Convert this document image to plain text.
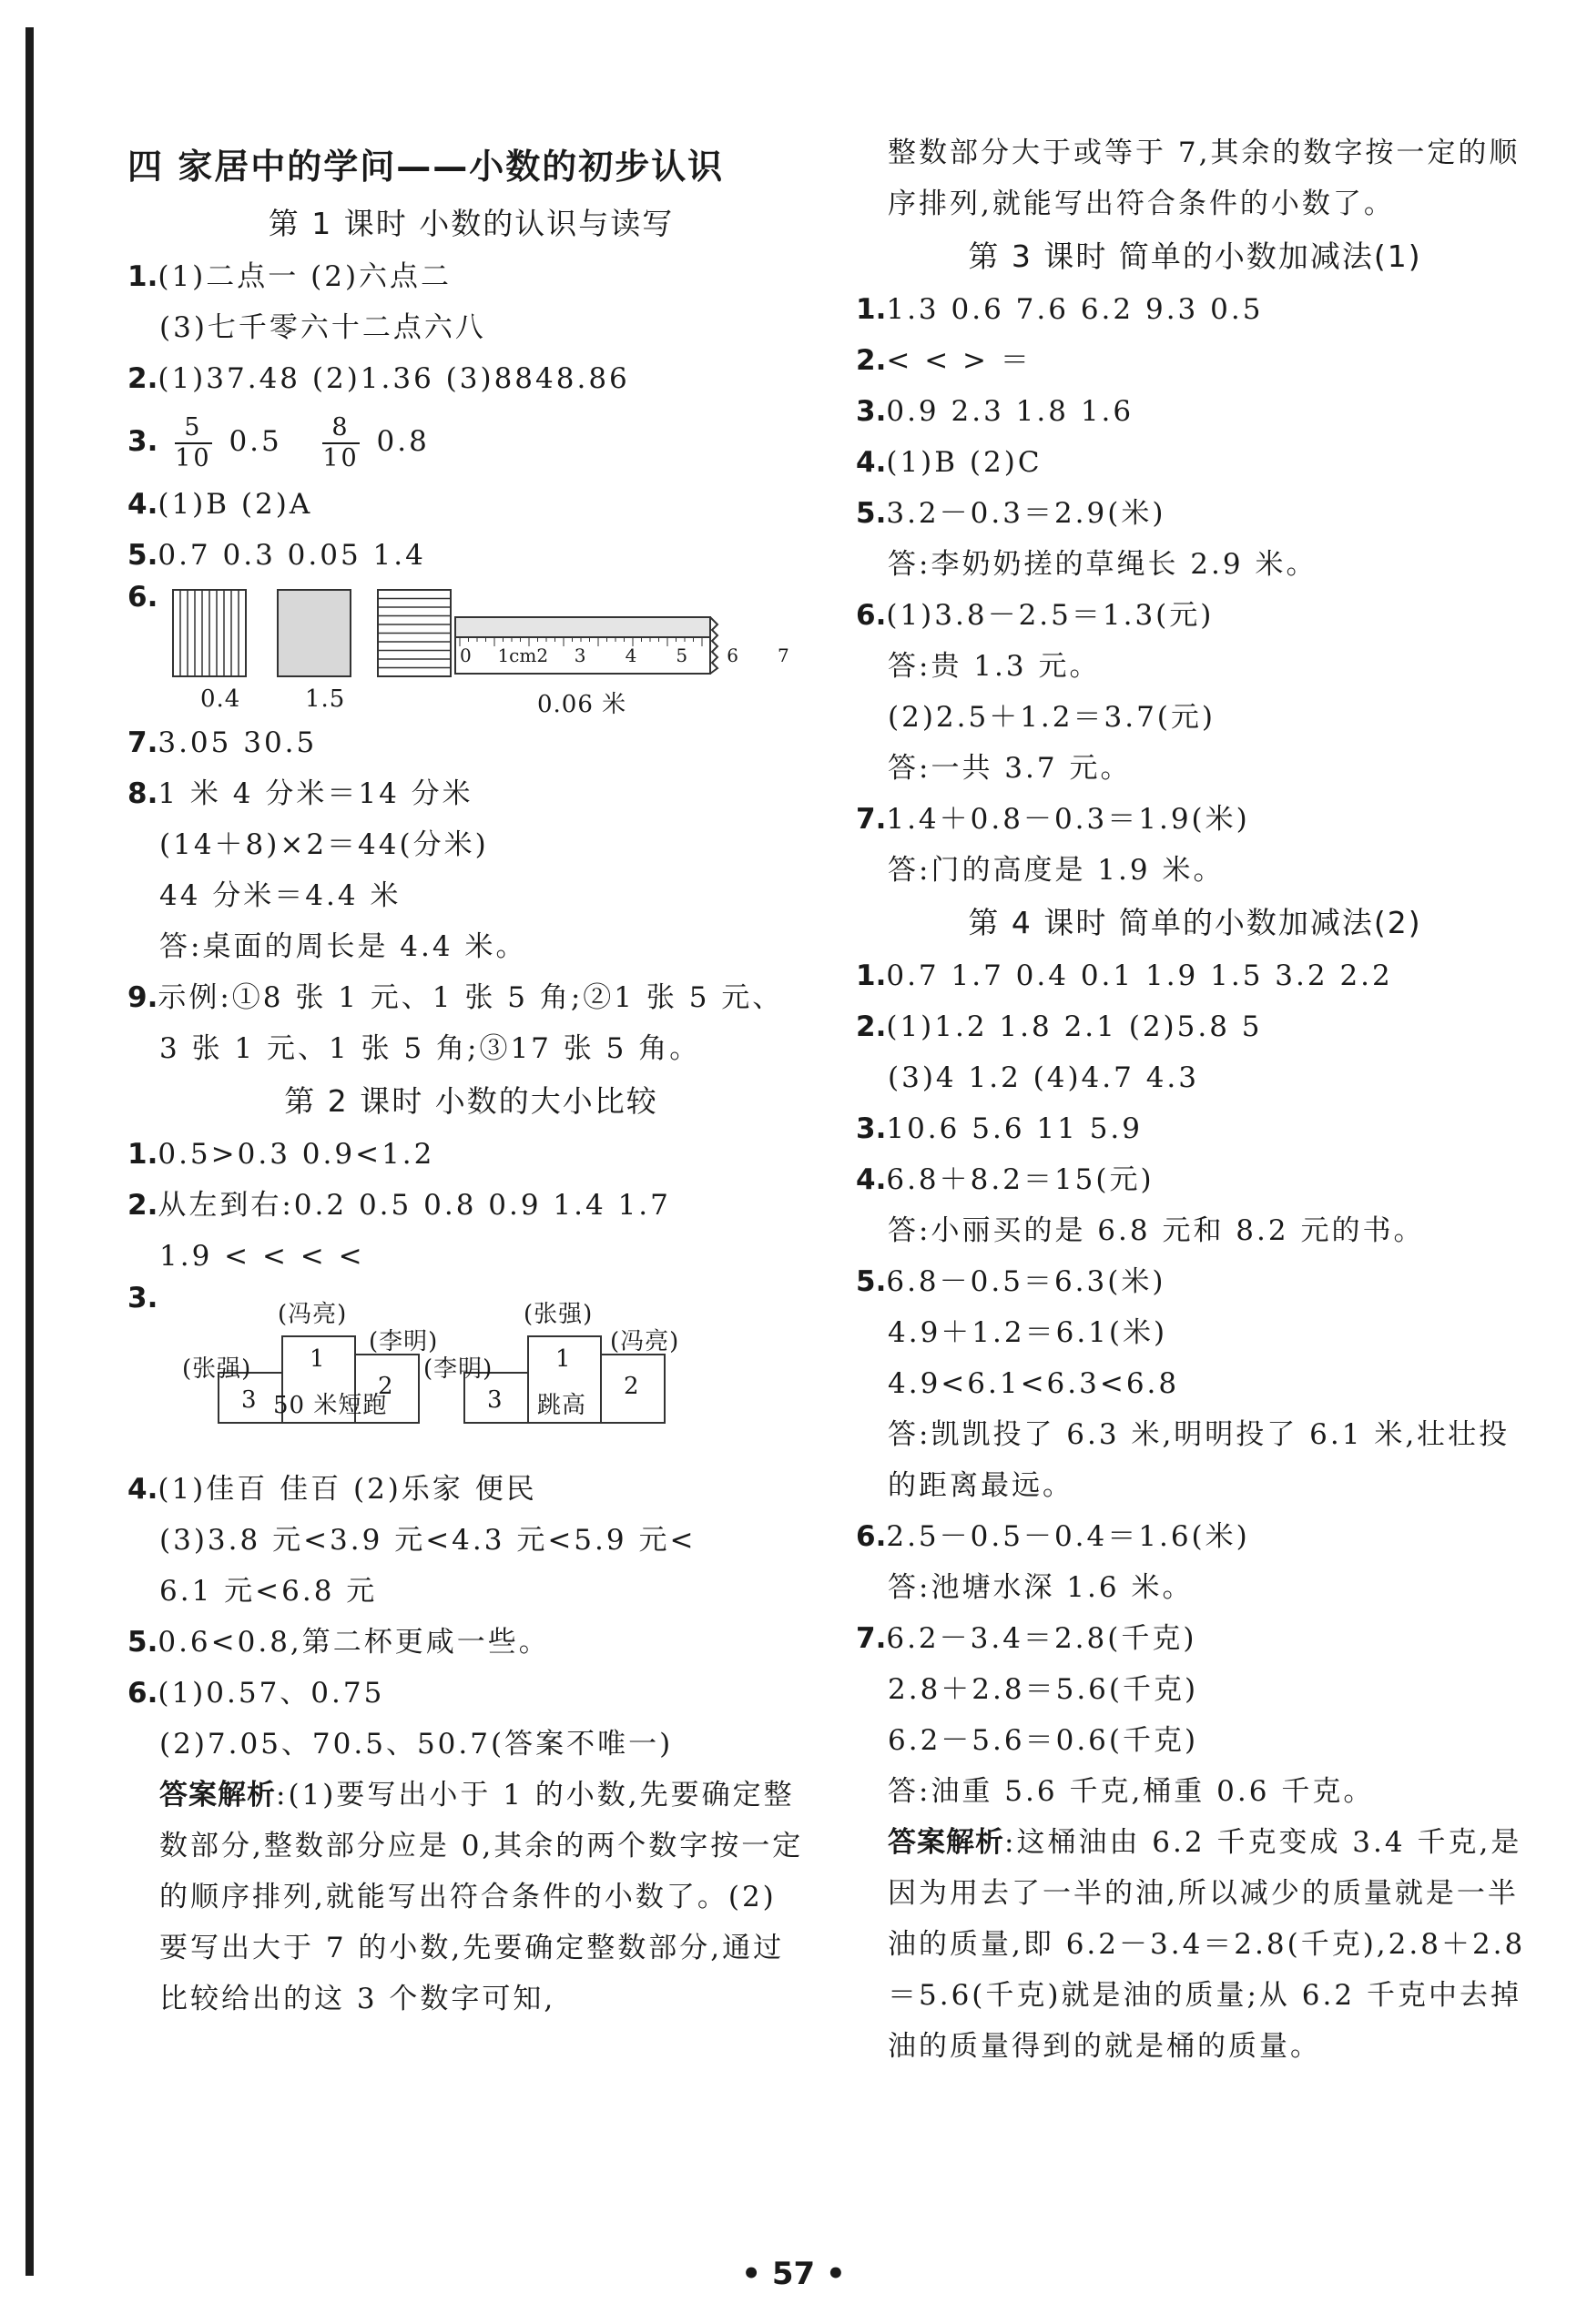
四 家居中的学问——小数的初步认识
第 1 课时 小数的认识与读写
1.(1)二点一 (2)六点二
(3)七千零六十二点六八
2.(1)37.48 (2)1.36 (3)8848.86
3. $\frac{5}{10} 0.5 \frac{8}{10} 0.8$
4.(1)B (2)A
5.0.7 0.3 0.05 1.4
6.
0.4	1.5	0.06 米
0 1cm2 3 4 5 6 7
7.3.05 30.5
8.1 米 4 分米＝14 分米
(14＋8)×2＝44(分米)
44 分米＝4.4 米
答:桌面的周长是 4.4 米。
9.示例:①8 张 1 元、1 张 5 角;②1 张 5 元、
3 张 1 元、1 张 5 角;③17 张 5 角。
第 2 课时 小数的大小比较
1.0.5>0.3 0.9<1.2
2.从左到右:0.2 0.5 0.8 0.9 1.4 1.7
1.9 < < < <
3.	(冯亮)
(李明)
(张强) 1
2
3 50 米短跑
(张强)
(冯亮)
(李明)	1
2
3 跳高
4.(1)佳百 佳百 (2)乐家 便民
(3)3.8 元<3.9 元<4.3 元<5.9 元<
6.1 元<6.8 元
5.0.6<0.8,第二杯更咸一些。
6.(1)0.57、0.75
(2)7.05、70.5、50.7(答案不唯一)
答案解析:(1)要写出小于 1 的小数,先要确定整数部分,整数部分应是 0,其余的两个数字按一定的顺序排列,就能写出符合条件的小数了。(2)要写出大于 7 的小数,先要确定整数部分,通过比较给出的这 3 个数字可知,
整数部分大于或等于 7,其余的数字按一定的顺序排列,就能写出符合条件的小数了。
第 3 课时 简单的小数加减法(1)
1.1.3 0.6 7.6 6.2 9.3 0.5
2.< < > ＝
3.0.9 2.3 1.8 1.6
4.(1)B (2)C
5.3.2－0.3＝2.9(米)
答:李奶奶搓的草绳长 2.9 米。
6.(1)3.8－2.5＝1.3(元)
答:贵 1.3 元。
(2)2.5＋1.2＝3.7(元)
答:一共 3.7 元。
7.1.4＋0.8－0.3＝1.9(米)
答:门的高度是 1.9 米。
第 4 课时 简单的小数加减法(2)
1.0.7 1.7 0.4 0.1 1.9 1.5 3.2 2.2
2.(1)1.2 1.8 2.1 (2)5.8 5
(3)4 1.2 (4)4.7 4.3
3.10.6 5.6 11 5.9
4.6.8＋8.2＝15(元)
答:小丽买的是 6.8 元和 8.2 元的书。
5.6.8－0.5＝6.3(米)
4.9＋1.2＝6.1(米)
4.9<6.1<6.3<6.8
答:凯凯投了 6.3 米,明明投了 6.1 米,壮壮投的距离最远。
6.2.5－0.5－0.4＝1.6(米)
答:池塘水深 1.6 米。
7.6.2－3.4＝2.8(千克)
2.8＋2.8＝5.6(千克)
6.2－5.6＝0.6(千克)
答:油重 5.6 千克,桶重 0.6 千克。
答案解析:这桶油由 6.2 千克变成 3.4 千克,是因为用去了一半的油,所以减少的质量就是一半油的质量,即 6.2－3.4＝2.8(千克),2.8＋2.8＝5.6(千克)就是油的质量;从 6.2 千克中去掉油的质量得到的就是桶的质量。
• 57 •
